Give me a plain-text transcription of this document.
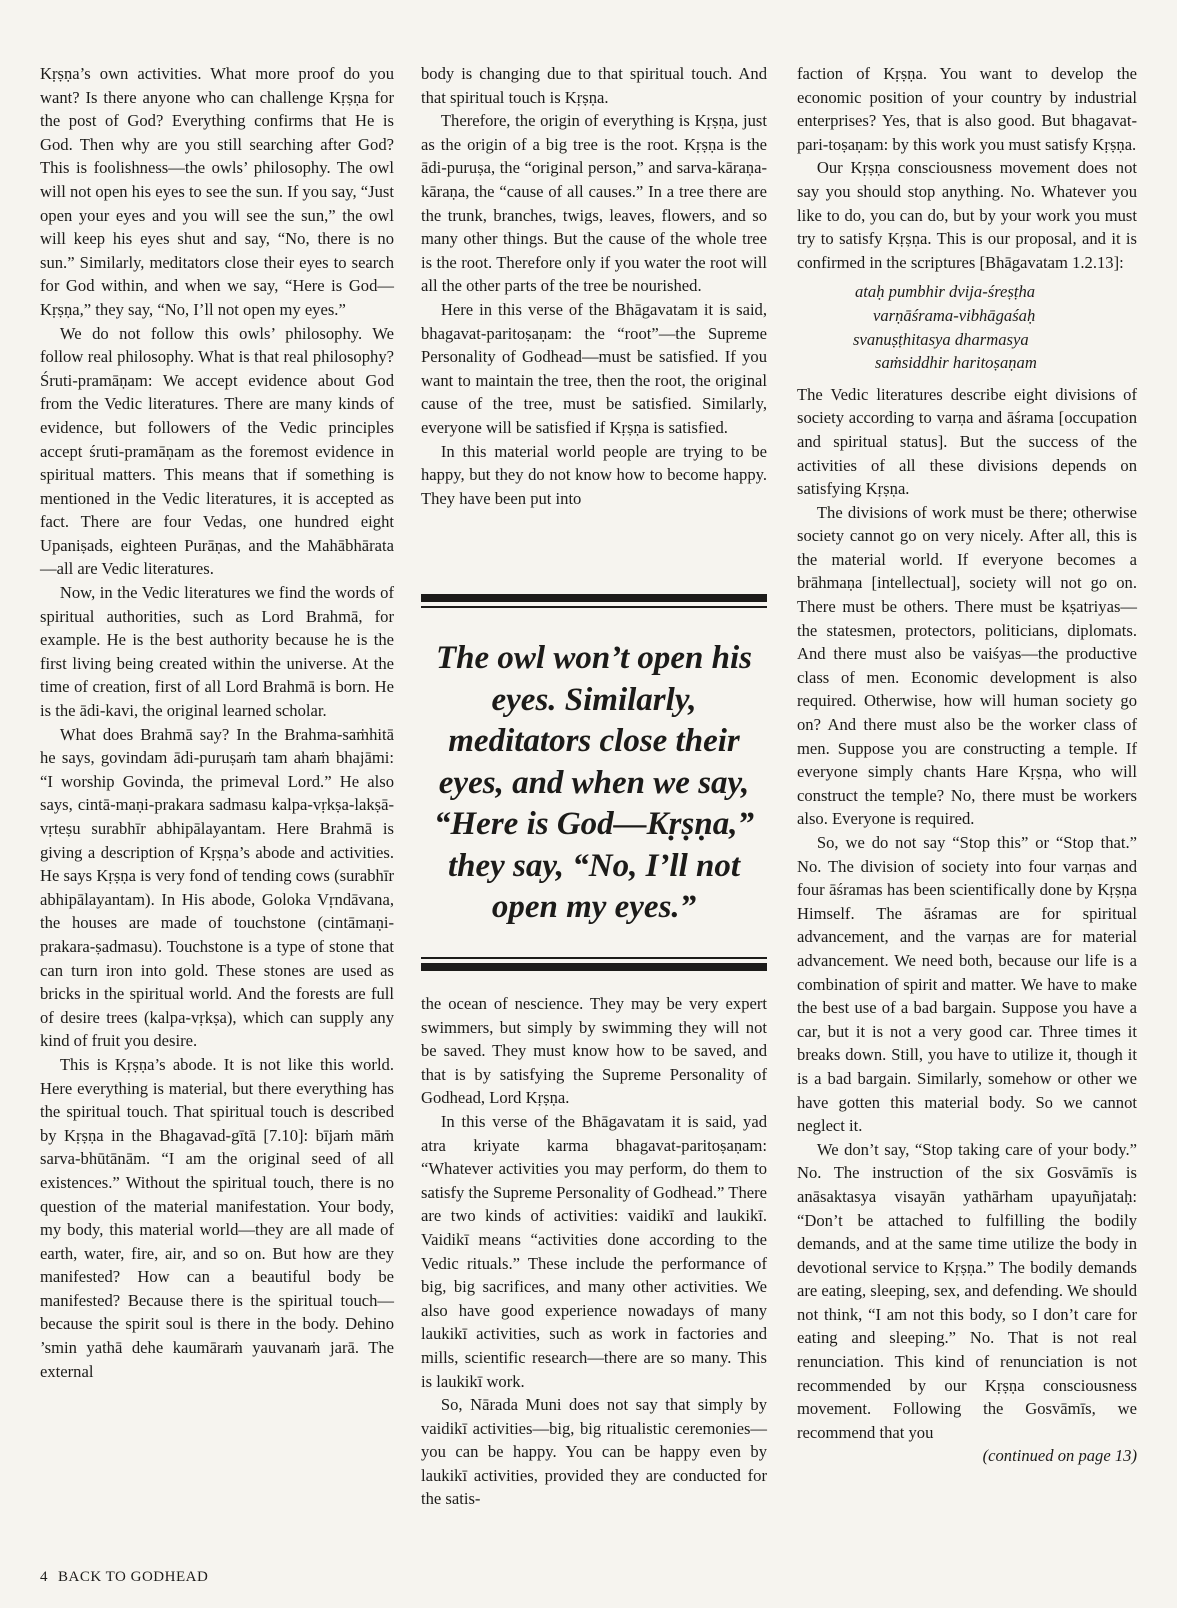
Kṛṣṇa’s own activities. What more proof do you want? Is there anyone who can challenge Kṛṣṇa for the post of God? Everything confirms that He is God. Then why are you still searching after God? This is foolishness—the owls’ philosophy. The owl will not open his eyes to see the sun. If you say, “Just open your eyes and you will see the sun,” the owl will keep his eyes shut and say, “No, there is no sun.” Similarly, meditators close their eyes to search for God within, and when we say, “Here is God—Kṛṣṇa,” they say, “No, I’ll not open my eyes.”

We do not follow this owls’ philosophy. We follow real philosophy. What is that real philosophy? Śruti-pramāṇam: We accept evidence about God from the Vedic literatures. There are many kinds of evidence, but followers of the Vedic principles accept śruti-pramāṇam as the foremost evidence in spiritual matters. This means that if something is mentioned in the Vedic literatures, it is accepted as fact. There are four Vedas, one hundred eight Upaniṣads, eighteen Purāṇas, and the Mahābhārata—all are Vedic literatures.

Now, in the Vedic literatures we find the words of spiritual authorities, such as Lord Brahmā, for example. He is the best authority because he is the first living being created within the universe. At the time of creation, first of all Lord Brahmā is born. He is the ādi-kavi, the original learned scholar.

What does Brahmā say? In the Brahma-saṁhitā he says, govindam ādi-puruṣaṁ tam ahaṁ bhajāmi: “I worship Govinda, the primeval Lord.” He also says, cintā-maṇi-prakara sadmasu kalpa-vṛkṣa-lakṣā-vṛteṣu surabhīr abhipālayantam. Here Brahmā is giving a description of Kṛṣṇa’s abode and activities. He says Kṛṣṇa is very fond of tending cows (surabhīr abhipālayantam). In His abode, Goloka Vṛndāvana, the houses are made of touchstone (cintāmaṇi-prakara-ṣadmasu). Touchstone is a type of stone that can turn iron into gold. These stones are used as bricks in the spiritual world. And the forests are full of desire trees (kalpa-vṛkṣa), which can supply any kind of fruit you desire.

This is Kṛṣṇa’s abode. It is not like this world. Here everything is material, but there everything has the spiritual touch. That spiritual touch is described by Kṛṣṇa in the Bhagavad-gītā [7.10]: bījaṁ māṁ sarva-bhūtānām. “I am the original seed of all existences.” Without the spiritual touch, there is no question of the material manifestation. Your body, my body, this material world—they are all made of earth, water, fire, air, and so on. But how are they manifested? How can a beautiful body be manifested? Because there is the spiritual touch—because the spirit soul is there in the body. Dehino ’smin yathā dehe kaumāraṁ yauvanaṁ jarā. The external

body is changing due to that spiritual touch. And that spiritual touch is Kṛṣṇa.

Therefore, the origin of everything is Kṛṣṇa, just as the origin of a big tree is the root. Kṛṣṇa is the ādi-puruṣa, the “original person,” and sarva-kāraṇa-kāraṇa, the “cause of all causes.” In a tree there are the trunk, branches, twigs, leaves, flowers, and so many other things. But the cause of the whole tree is the root. Therefore only if you water the root will all the other parts of the tree be nourished.

Here in this verse of the Bhāgavatam it is said, bhagavat-paritoṣaṇam: the “root”—the Supreme Personality of Godhead—must be satisfied. If you want to maintain the tree, then the root, the original cause of the tree, must be satisfied. Similarly, everyone will be satisfied if Kṛṣṇa is satisfied.

In this material world people are trying to be happy, but they do not know how to become happy. They have been put into

The owl won’t open his eyes. Similarly, meditators close their eyes, and when we say, “Here is God—Kṛṣṇa,” they say, “No, I’ll not open my eyes.”

the ocean of nescience. They may be very expert swimmers, but simply by swimming they will not be saved. They must know how to be saved, and that is by satisfying the Supreme Personality of Godhead, Lord Kṛṣṇa.

In this verse of the Bhāgavatam it is said, yad atra kriyate karma bhagavat-paritoṣaṇam: “Whatever activities you may perform, do them to satisfy the Supreme Personality of Godhead.” There are two kinds of activities: vaidikī and laukikī. Vaidikī means “activities done according to the Vedic rituals.” These include the performance of big, big sacrifices, and many other activities. We also have good experience nowadays of many laukikī activities, such as work in factories and mills, scientific research—there are so many. This is laukikī work.

So, Nārada Muni does not say that simply by vaidikī activities—big, big ritualistic ceremonies—you can be happy. You can be happy even by laukikī activities, provided they are conducted for the satis-

faction of Kṛṣṇa. You want to develop the economic position of your country by industrial enterprises? Yes, that is also good. But bhagavat-pari-toṣaṇam: by this work you must satisfy Kṛṣṇa.

Our Kṛṣṇa consciousness movement does not say you should stop anything. No. Whatever you like to do, you can do, but by your work you must try to satisfy Kṛṣṇa. This is our proposal, and it is confirmed in the scriptures [Bhāgavatam 1.2.13]:

ataḥ pumbhir dvija-śreṣṭha
varṇāśrama-vibhāgaśaḥ
svanuṣṭhitasya dharmasya
saṁsiddhir haritoṣaṇam

The Vedic literatures describe eight divisions of society according to varṇa and āśrama [occupation and spiritual status]. But the success of the activities of all these divisions depends on satisfying Kṛṣṇa.

The divisions of work must be there; otherwise society cannot go on very nicely. After all, this is the material world. If everyone becomes a brāhmaṇa [intellectual], society will not go on. There must be others. There must be kṣatriyas—the statesmen, protectors, politicians, diplomats. And there must also be vaiśyas—the productive class of men. Economic development is also required. Otherwise, how will human society go on? And there must also be the worker class of men. Suppose you are constructing a temple. If everyone simply chants Hare Kṛṣṇa, who will construct the temple? No, there must be workers also. Everyone is required.

So, we do not say “Stop this” or “Stop that.” No. The division of society into four varṇas and four āśramas has been scientifically done by Kṛṣṇa Himself. The āśramas are for spiritual advancement, and the varṇas are for material advancement. We need both, because our life is a combination of spirit and matter. We have to make the best use of a bad bargain. Suppose you have a car, but it is not a very good car. Three times it breaks down. Still, you have to utilize it, though it is a bad bargain. Similarly, somehow or other we have gotten this material body. So we cannot neglect it.

We don’t say, “Stop taking care of your body.” No. The instruction of the six Gosvāmīs is anāsaktasya visayān yathārham upayuñjataḥ: “Don’t be attached to fulfilling the bodily demands, and at the same time utilize the body in devotional service to Kṛṣṇa.” The bodily demands are eating, sleeping, sex, and defending. We should not think, “I am not this body, so I don’t care for eating and sleeping.” No. That is not real renunciation. This kind of renunciation is not recommended by our Kṛṣṇa consciousness movement. Following the Gosvāmīs, we recommend that you

(continued on page 13)

4 BACK TO GODHEAD
